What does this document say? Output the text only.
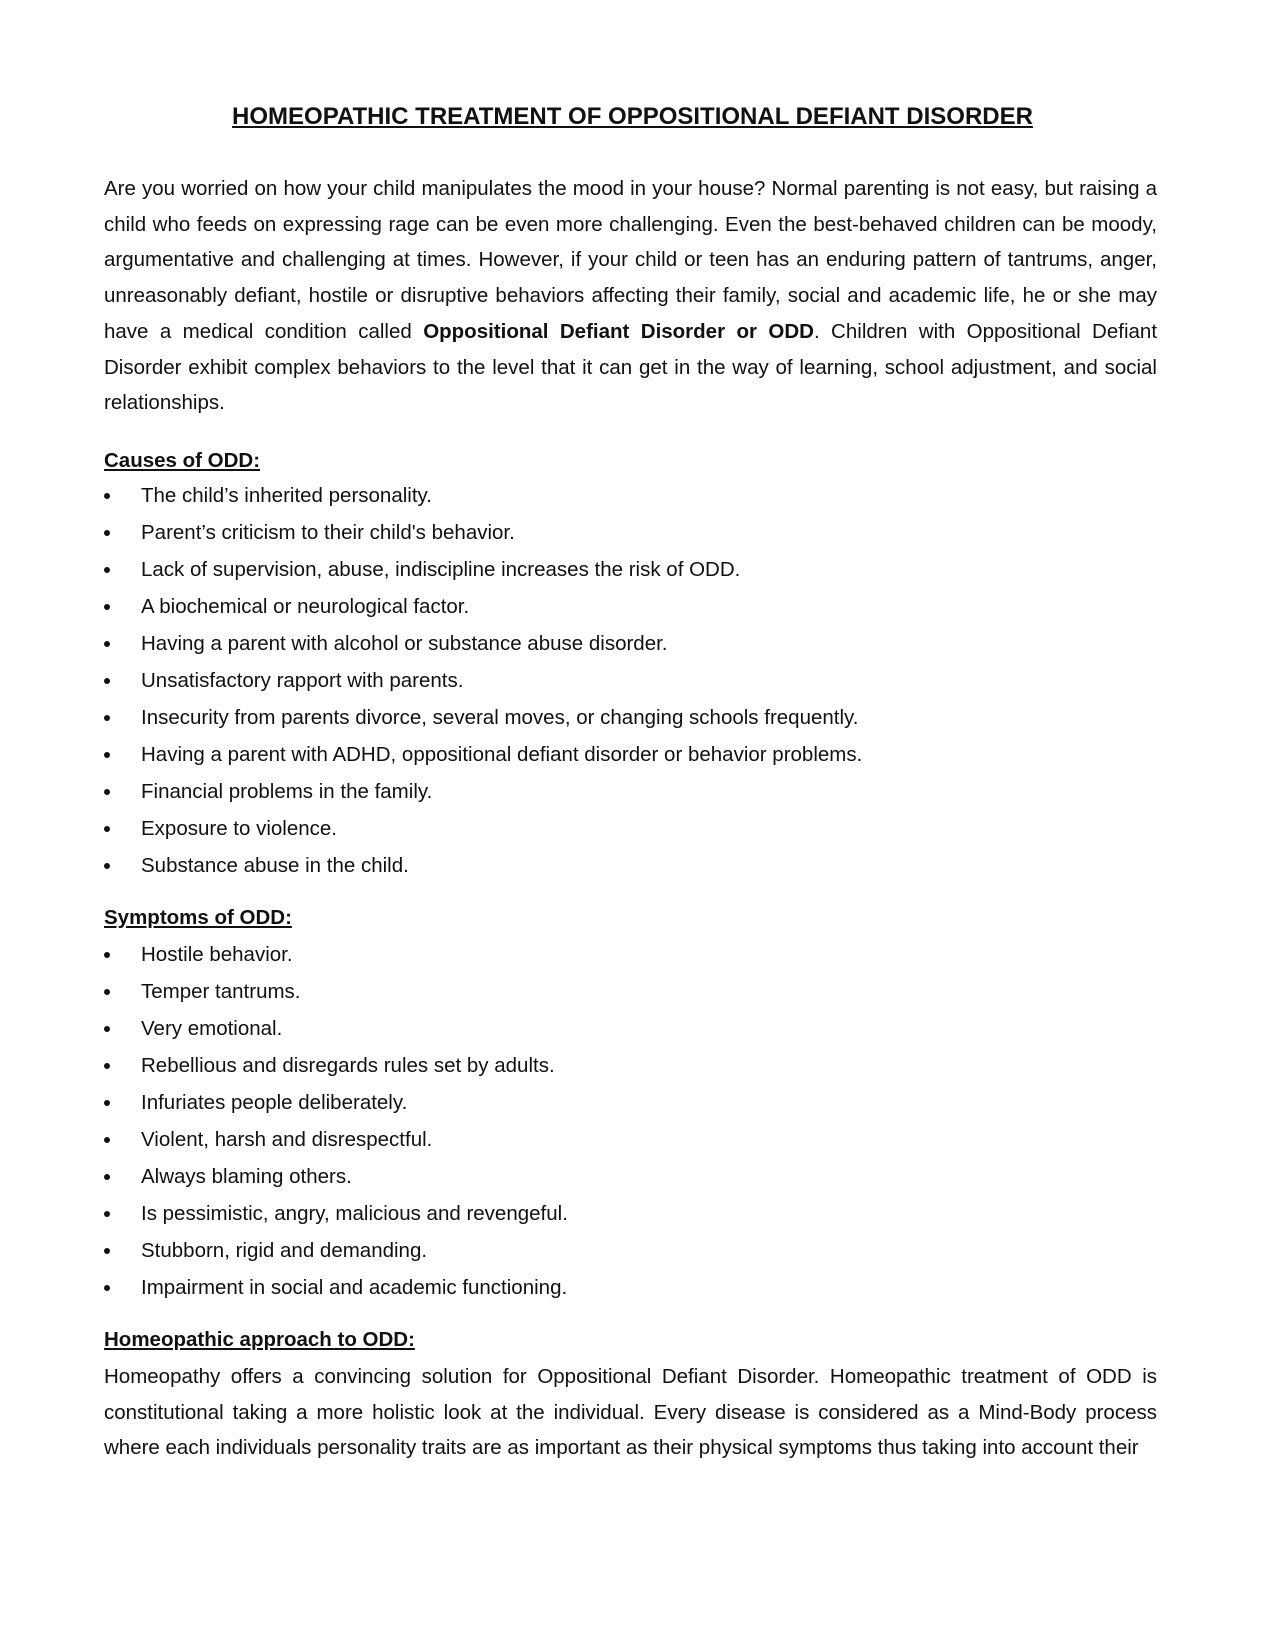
HOMEOPATHIC TREATMENT OF OPPOSITIONAL DEFIANT DISORDER

Are you worried on how your child manipulates the mood in your house? Normal parenting is not easy, but raising a child who feeds on expressing rage can be even more challenging. Even the best-behaved children can be moody, argumentative and challenging at times. However, if your child or teen has an enduring pattern of tantrums, anger, unreasonably defiant, hostile or disruptive behaviors affecting their family, social and academic life, he or she may have a medical condition called Oppositional Defiant Disorder or ODD. Children with Oppositional Defiant Disorder exhibit complex behaviors to the level that it can get in the way of learning, school adjustment, and social relationships.

Causes of ODD:
The child’s inherited personality.
Parent’s criticism to their child's behavior.
Lack of supervision, abuse, indiscipline increases the risk of ODD.
A biochemical or neurological factor.
Having a parent with alcohol or substance abuse disorder.
Unsatisfactory rapport with parents.
Insecurity from parents divorce, several moves, or changing schools frequently.
Having a parent with ADHD, oppositional defiant disorder or behavior problems.
Financial problems in the family.
Exposure to violence.
Substance abuse in the child.
Symptoms of ODD:
Hostile behavior.
Temper tantrums.
Very emotional.
Rebellious and disregards rules set by adults.
Infuriates people deliberately.
Violent, harsh and disrespectful.
Always blaming others.
Is pessimistic, angry, malicious and revengeful.
Stubborn, rigid and demanding.
Impairment in social and academic functioning.
Homeopathic approach to ODD:

Homeopathy offers a convincing solution for Oppositional Defiant Disorder. Homeopathic treatment of ODD is constitutional taking a more holistic look at the individual. Every disease is considered as a Mind-Body process where each individuals personality traits are as important as their physical symptoms thus taking into account their
